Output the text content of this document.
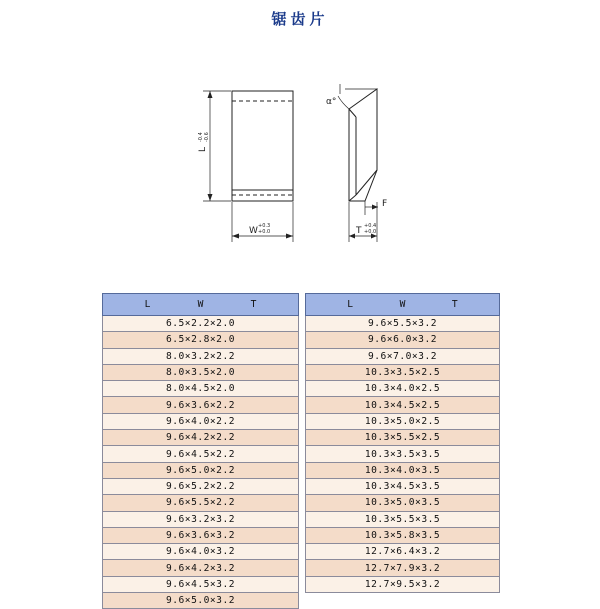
锯齿片
L
-0.4 -0.6
W +0.3
+0.0
α°
F
T +0.4
+0.0
L	W	T

6.5×2.2×2.0
6.5×2.8×2.0
8.0×3.2×2.2
8.0×3.5×2.0
8.0×4.5×2.0
9.6×3.6×2.2
9.6×4.0×2.2
9.6×4.2×2.2
9.6×4.5×2.2
9.6×5.0×2.2
9.6×5.2×2.2
9.6×5.5×2.2
9.6×3.2×3.2
9.6×3.6×3.2
9.6×4.0×3.2
9.6×4.2×3.2
9.6×4.5×3.2
9.6×5.0×3.2
L	W	T

9.6×5.5×3.2
9.6×6.0×3.2
9.6×7.0×3.2
10.3×3.5×2.5
10.3×4.0×2.5
10.3×4.5×2.5
10.3×5.0×2.5
10.3×5.5×2.5
10.3×3.5×3.5
10.3×4.0×3.5
10.3×4.5×3.5
10.3×5.0×3.5
10.3×5.5×3.5
10.3×5.8×3.5
12.7×6.4×3.2
12.7×7.9×3.2
12.7×9.5×3.2
